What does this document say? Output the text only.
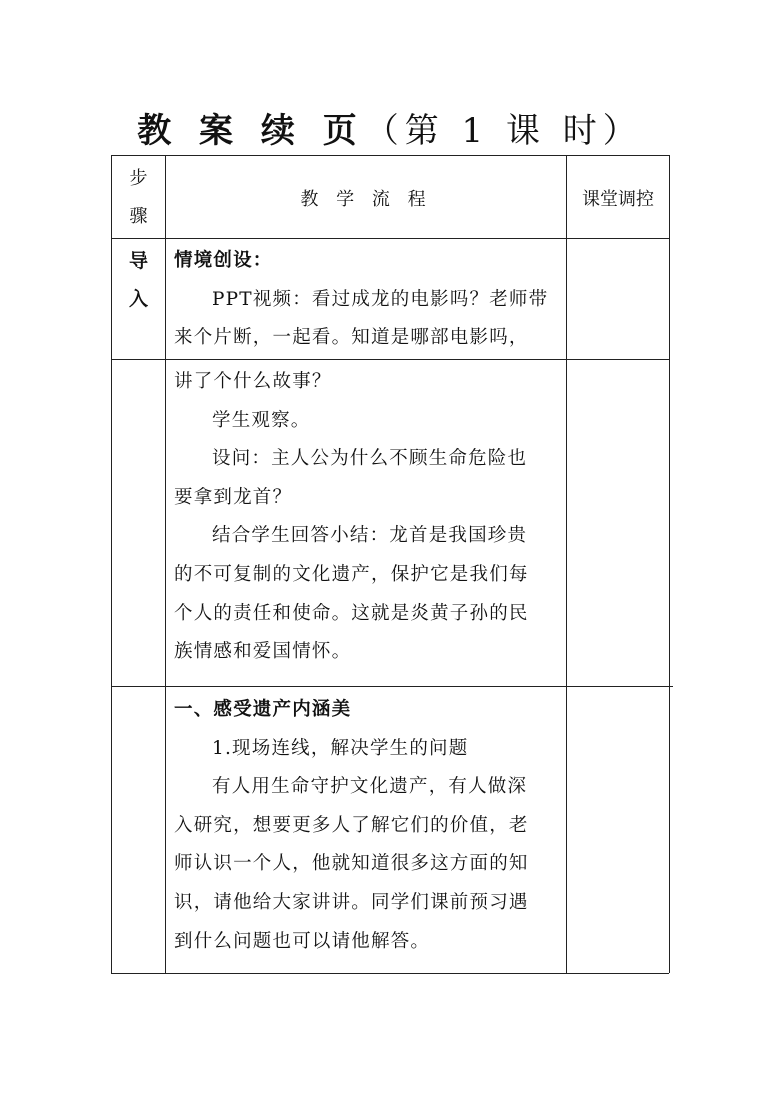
教 案 续 页（第 1 课 时）
步 骤
教 学 流 程	课堂调控
导 入

情境创设：

PPT视频：看过成龙的电影吗？老师带

来个片断，一起看。知道是哪部电影吗，

讲了个什么故事？

学生观察。

设问：主人公为什么不顾生命危险也

要拿到龙首？

结合学生回答小结：龙首是我国珍贵

的不可复制的文化遗产，保护它是我们每

个人的责任和使命。这就是炎黄子孙的民

族情感和爱国情怀。

一、感受遗产内涵美

1.现场连线，解决学生的问题

有人用生命守护文化遗产，有人做深

入研究，想要更多人了解它们的价值，老

师认识一个人，他就知道很多这方面的知

识，请他给大家讲讲。同学们课前预习遇

到什么问题也可以请他解答。
